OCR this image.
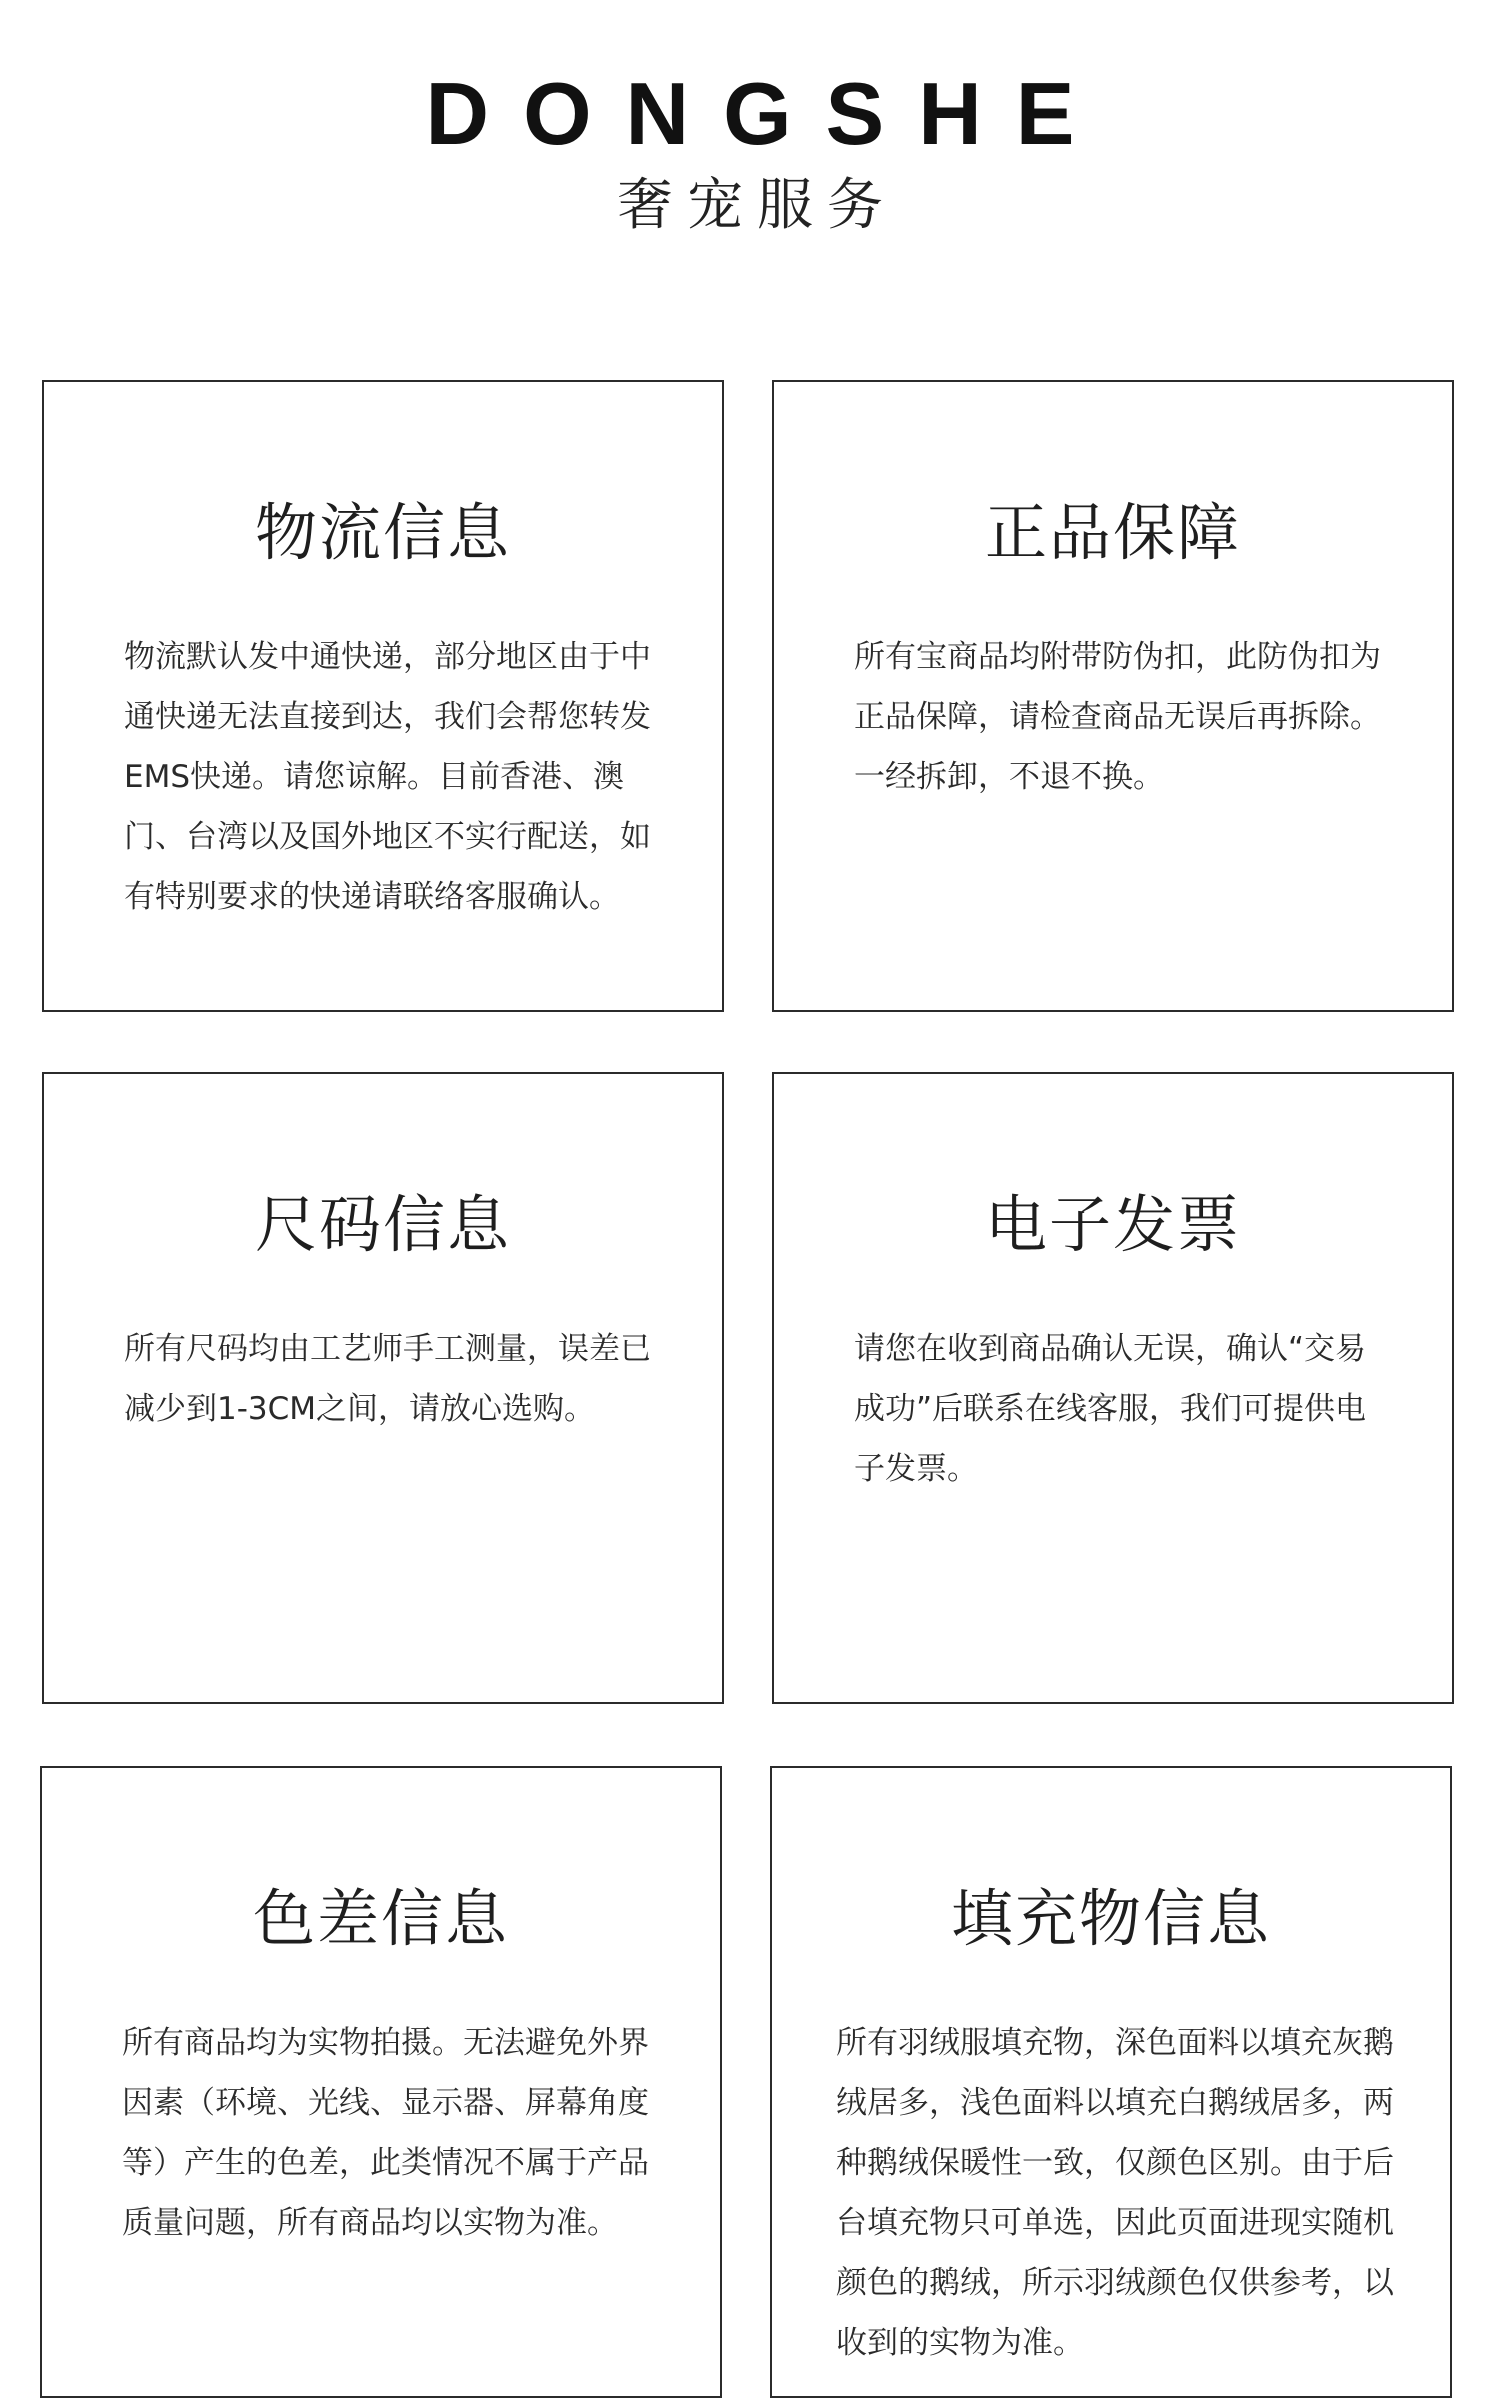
DONGSHE
奢宠服务
物流信息
物流默认发中通快递，部分地区由于中通快递无法直接到达，我们会帮您转发EMS快递。请您谅解。目前香港、澳门、台湾以及国外地区不实行配送，如有特别要求的快递请联络客服确认。
正品保障
所有宝商品均附带防伪扣，此防伪扣为正品保障，请检查商品无误后再拆除。一经拆卸，不退不换。
尺码信息
所有尺码均由工艺师手工测量，误差已减少到1-3CM之间，请放心选购。
电子发票
请您在收到商品确认无误，确认“交易成功”后联系在线客服，我们可提供电子发票。
色差信息
所有商品均为实物拍摄。无法避免外界因素（环境、光线、显示器、屏幕角度等）产生的色差，此类情况不属于产品质量问题，所有商品均以实物为准。
填充物信息
所有羽绒服填充物，深色面料以填充灰鹅绒居多，浅色面料以填充白鹅绒居多，两种鹅绒保暖性一致，仅颜色区别。由于后台填充物只可单选，因此页面进现实随机颜色的鹅绒，所示羽绒颜色仅供参考，以收到的实物为准。
